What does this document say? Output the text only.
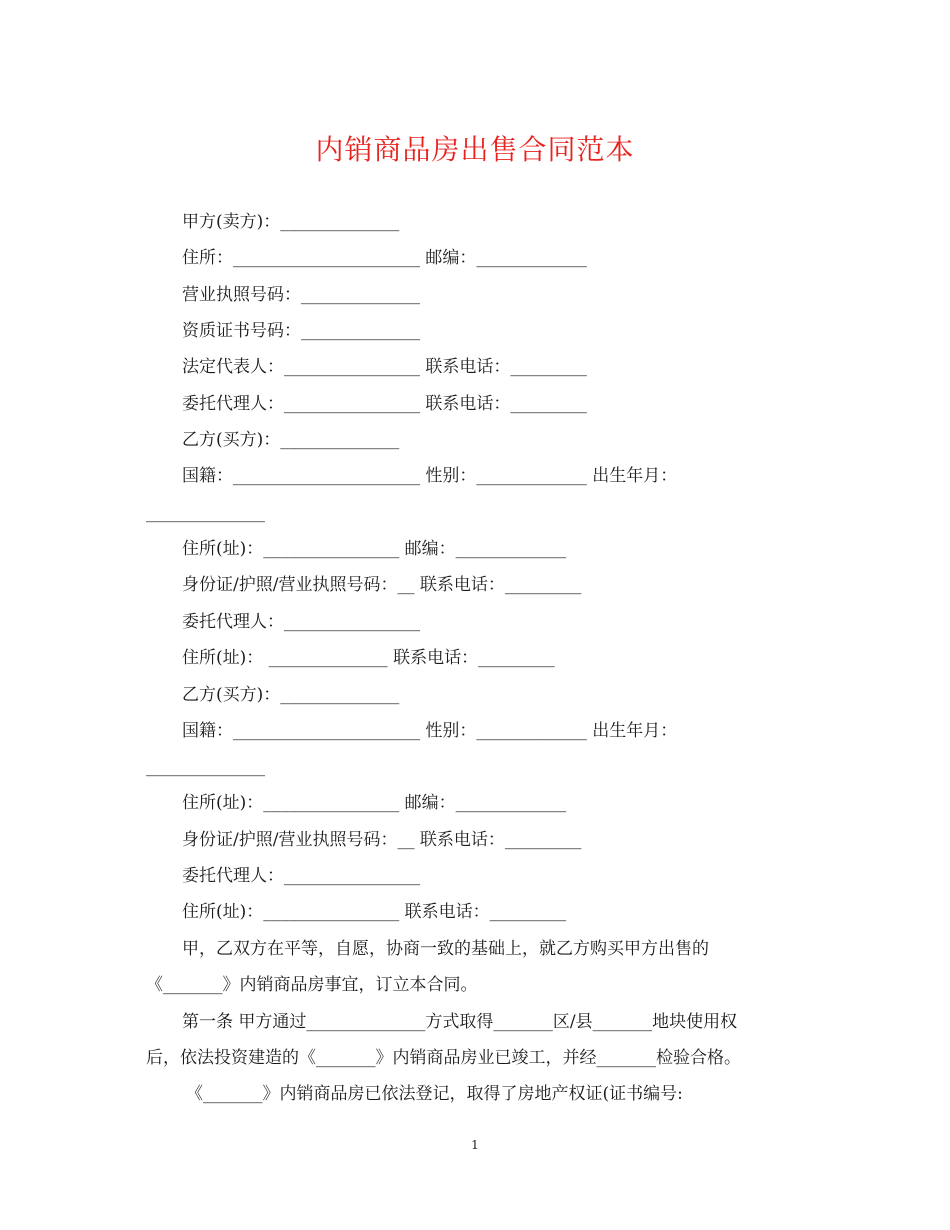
内销商品房出售合同范本
甲方(卖方)：______________
住所：______________________ 邮编：_____________
营业执照号码：______________
资质证书号码：______________
法定代表人：________________ 联系电话：_________
委托代理人：________________ 联系电话：_________
乙方(买方)：______________
国籍：______________________ 性别：_____________ 出生年月：
______________
住所(址)：________________ 邮编：_____________
身份证/护照/营业执照号码：__ 联系电话：_________
委托代理人：________________
住所(址)： ______________ 联系电话：_________
乙方(买方)：______________
国籍：______________________ 性别：_____________ 出生年月：
______________
住所(址)：________________ 邮编：_____________
身份证/护照/营业执照号码：__ 联系电话：_________
委托代理人：________________
住所(址)：________________ 联系电话：_________
甲，乙双方在平等，自愿，协商一致的基础上，就乙方购买甲方出售的
《_______》内销商品房事宜，订立本合同。
第一条 甲方通过______________方式取得_______区/县_______地块使用权
后，依法投资建造的《_______》内销商品房业已竣工，并经_______检验合格。
《_______》内销商品房已依法登记，取得了房地产权证(证书编号:
1
